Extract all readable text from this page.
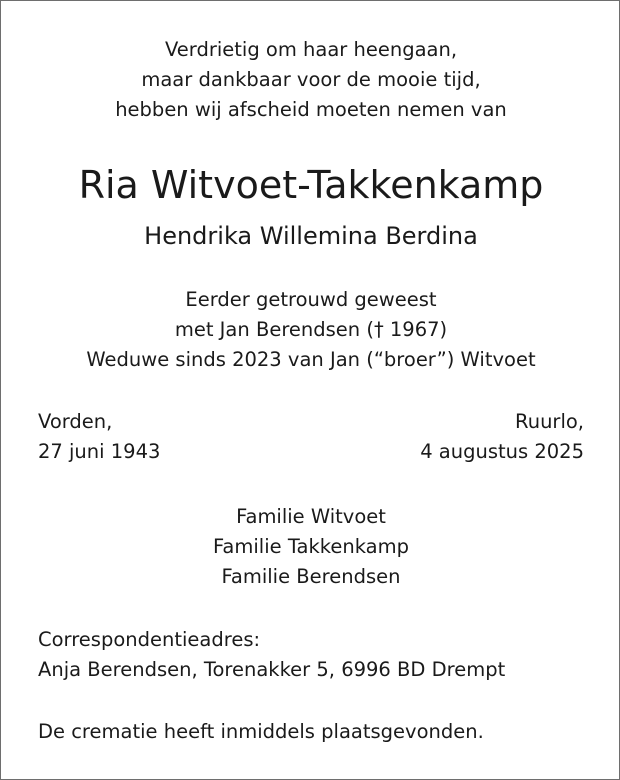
Verdrietig om haar heengaan,
maar dankbaar voor de mooie tijd,
hebben wij afscheid moeten nemen van
Ria Witvoet-Takkenkamp
Hendrika Willemina Berdina
Eerder getrouwd geweest
met Jan Berendsen († 1967)
Weduwe sinds 2023 van Jan (“broer”) Witvoet
Vorden,
27 juni 1943
Ruurlo,
4 augustus 2025
Familie Witvoet
Familie Takkenkamp
Familie Berendsen
Correspondentieadres:
Anja Berendsen, Torenakker 5, 6996 BD Drempt
De crematie heeft inmiddels plaatsgevonden.
